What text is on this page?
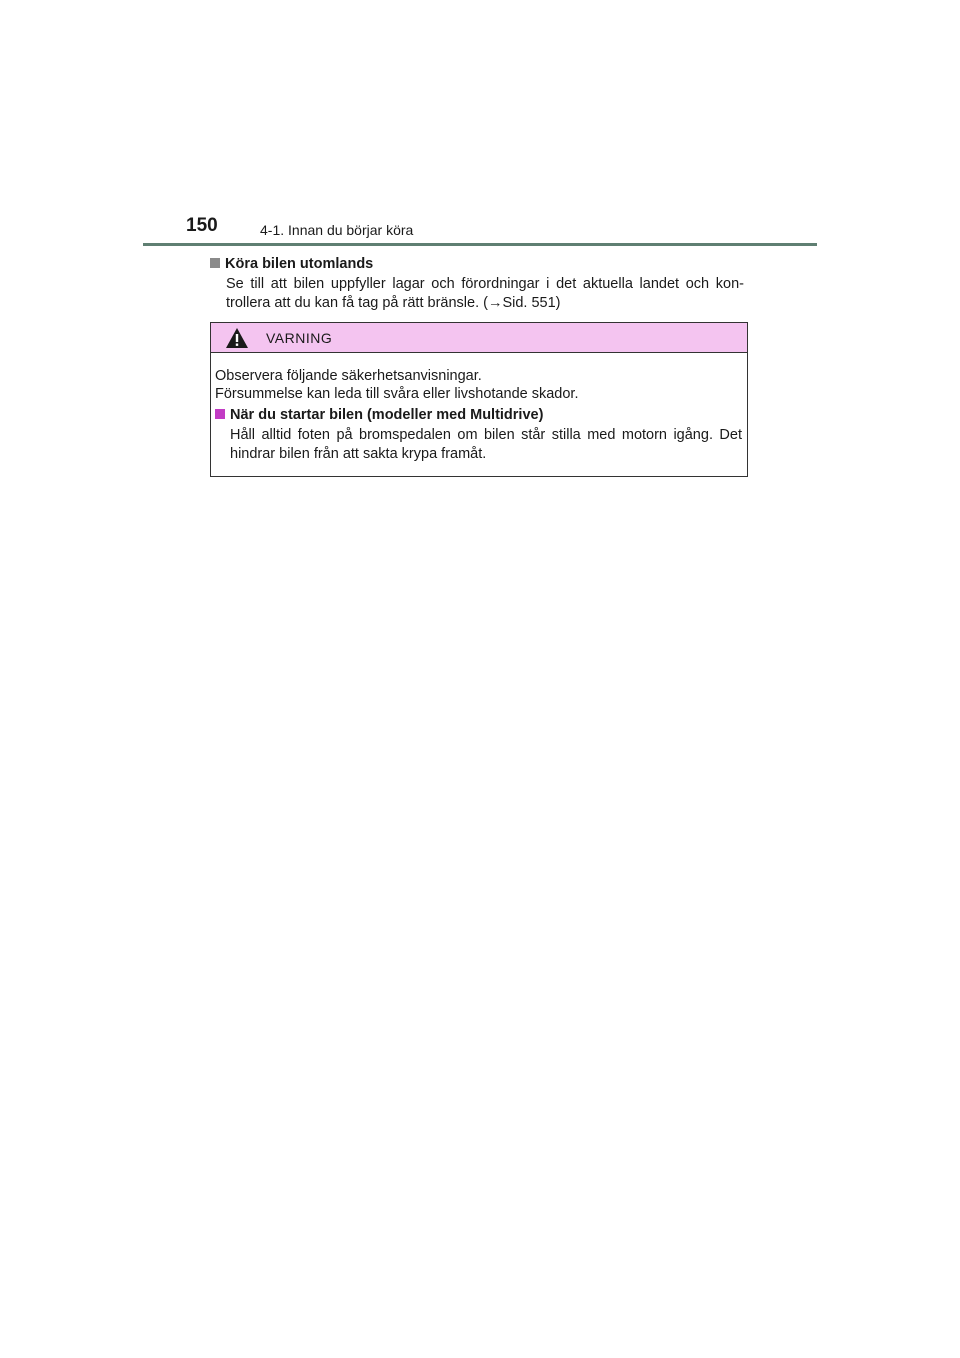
150	4-1. Innan du börjar köra
Köra bilen utomlands
Se till att bilen uppfyller lagar och förordningar i det aktuella landet och kon-
trollera att du kan få tag på rätt bränsle. (→Sid. 551)
VARNING
Observera följande säkerhetsanvisningar.
Försummelse kan leda till svåra eller livshotande skador.
När du startar bilen (modeller med Multidrive)
Håll alltid foten på bromspedalen om bilen står stilla med motorn igång. Det
hindrar bilen från att sakta krypa framåt.
